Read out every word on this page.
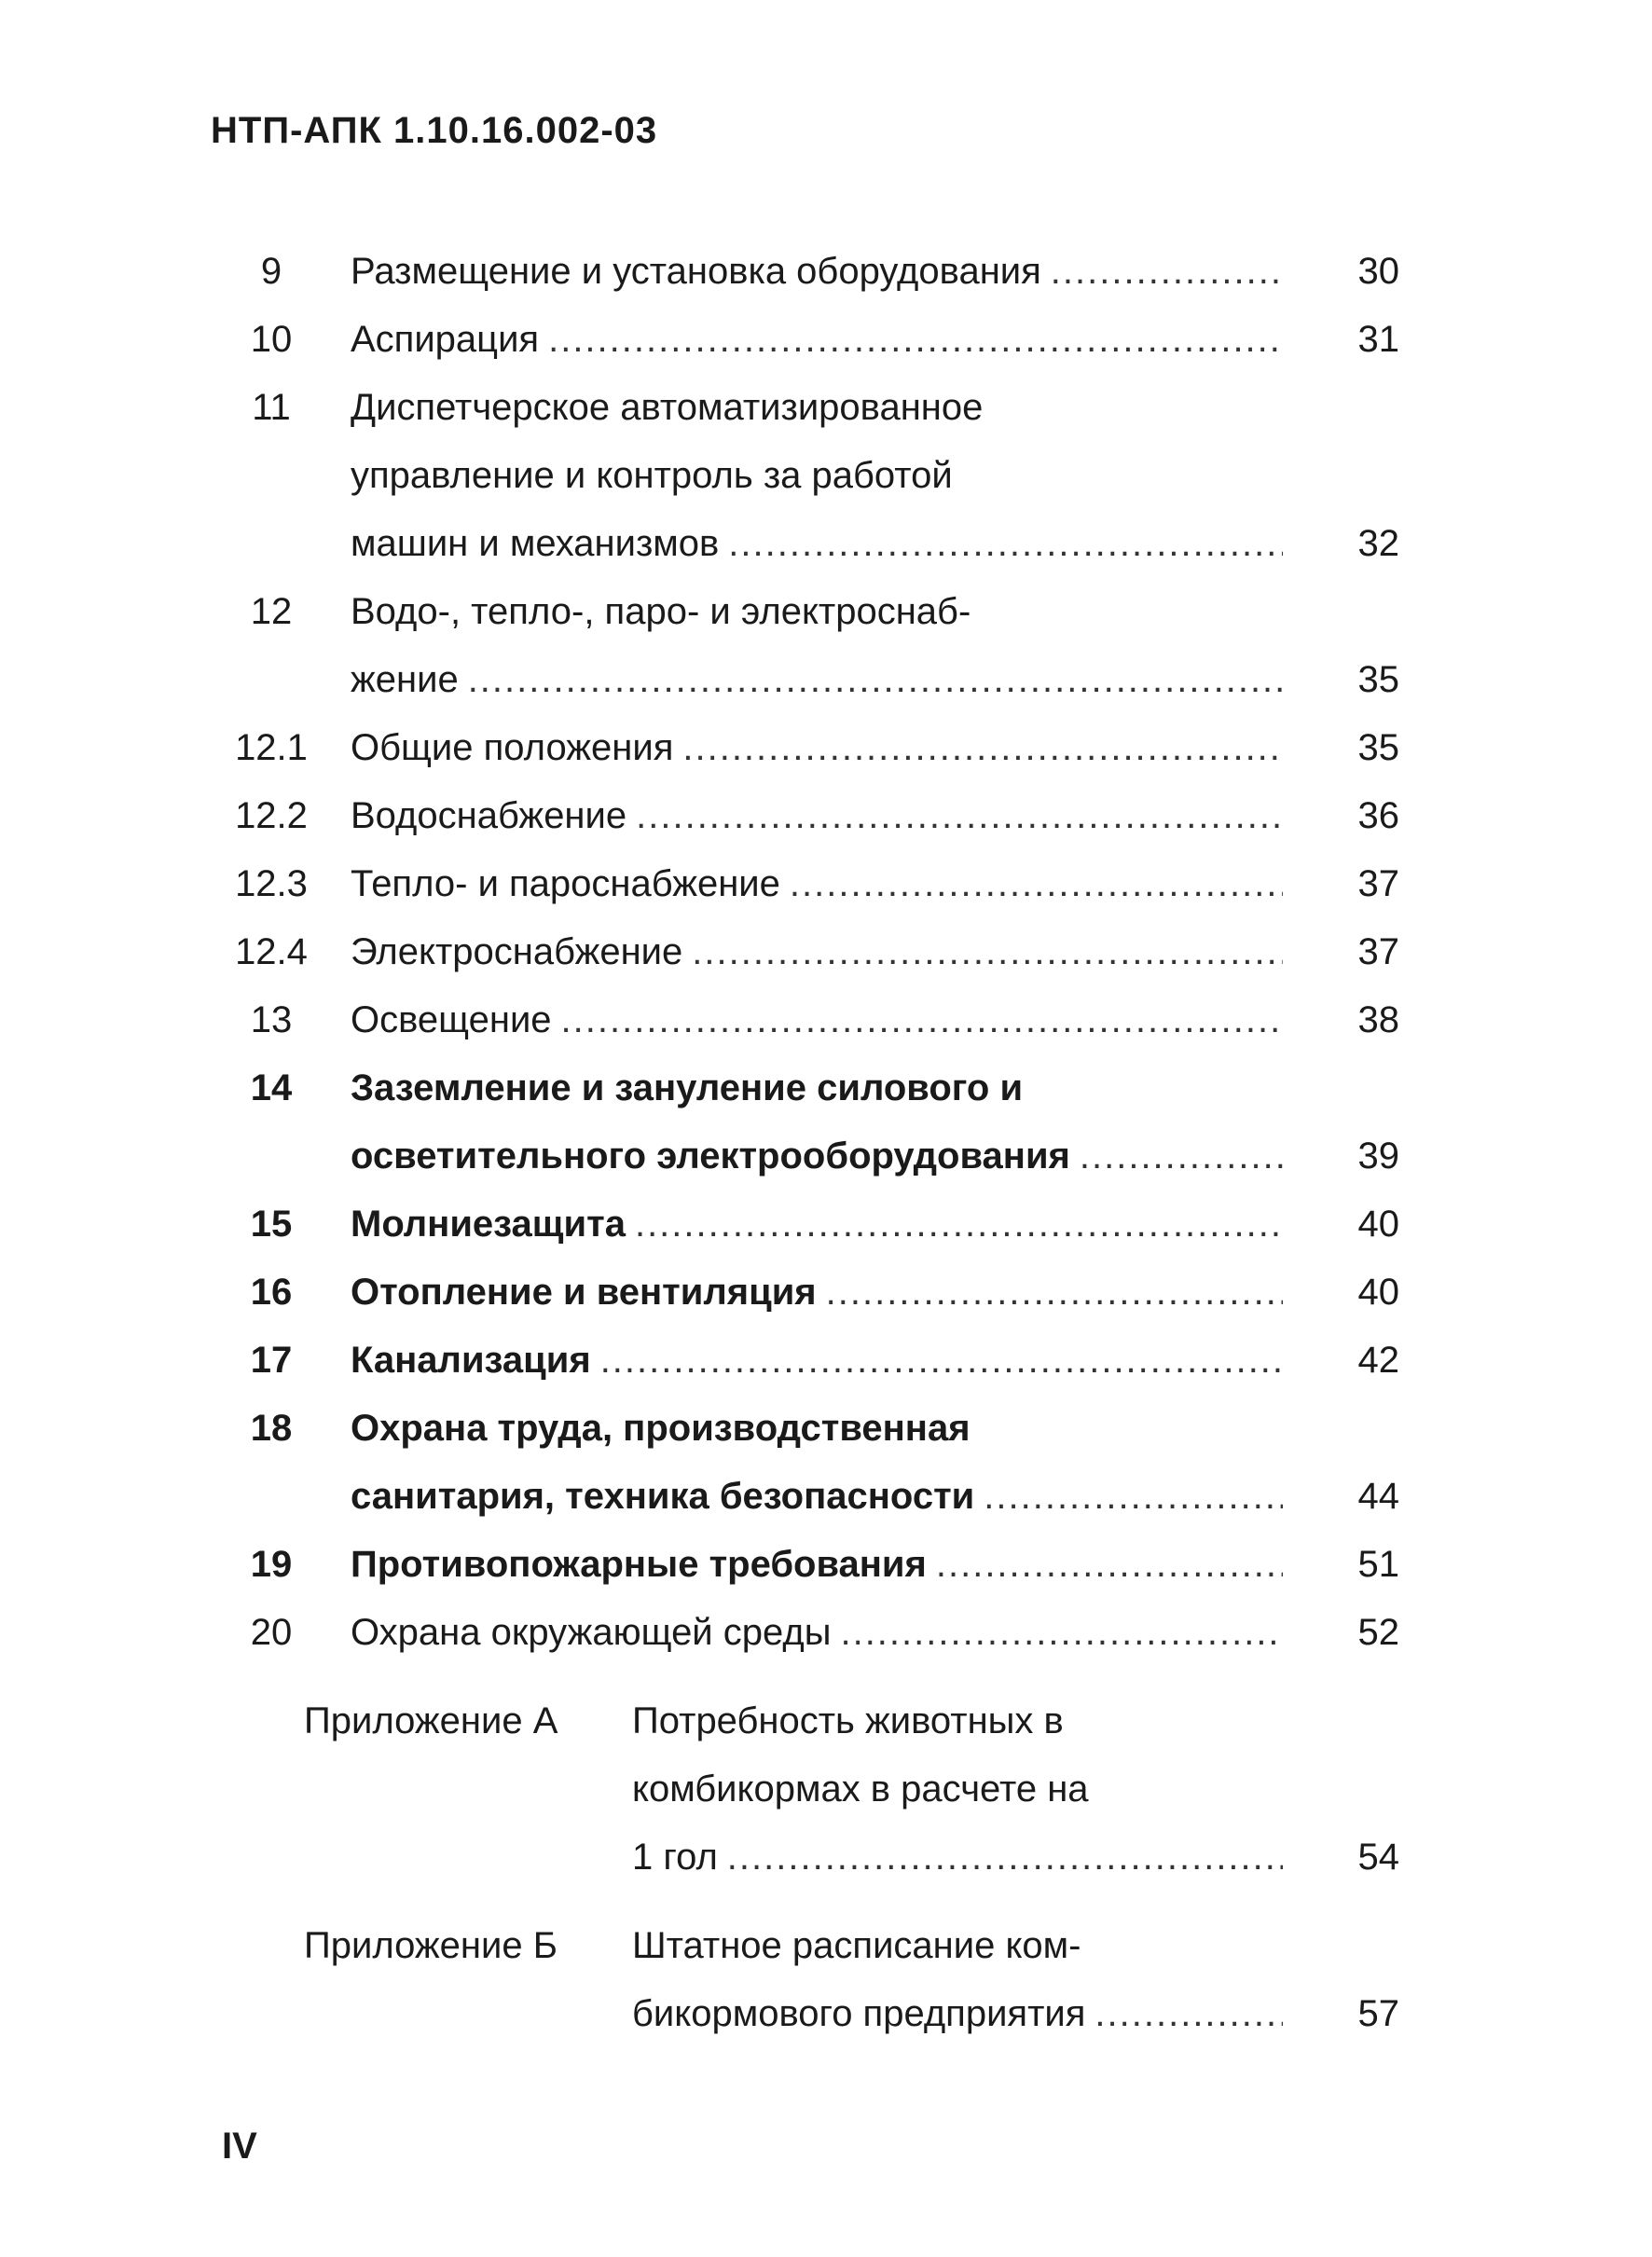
НТП-АПК 1.10.16.002-03
9	Размещение и установка оборудования .....	30
10	Аспирация .....	31
11	Диспетчерское автоматизированное
управление и контроль за работой
машин и механизмов .....	32
12	Водо-, тепло-, паро- и электроснаб-
жение .....	35
12.1	Общие положения .....	35
12.2	Водоснабжение .....	36
12.3	Тепло- и пароснабжение .....	37
12.4	Электроснабжение .....	37
13	Освещение .....	38
14	Заземление и зануление силового и
осветительного электрооборудования .....	39
15	Молниезащита .....	40
16	Отопление и вентиляция .....	40
17	Канализация .....	42
18	Охрана труда, производственная
санитария, техника безопасности .....	44
19	Противопожарные требования .....	51
20	Охрана окружающей среды .....	52
Приложение А	Потребность животных в
комбикормах в расчете на
1 гол .....	54
Приложение Б	Штатное расписание ком-
бикормового предприятия .....	57

IV
